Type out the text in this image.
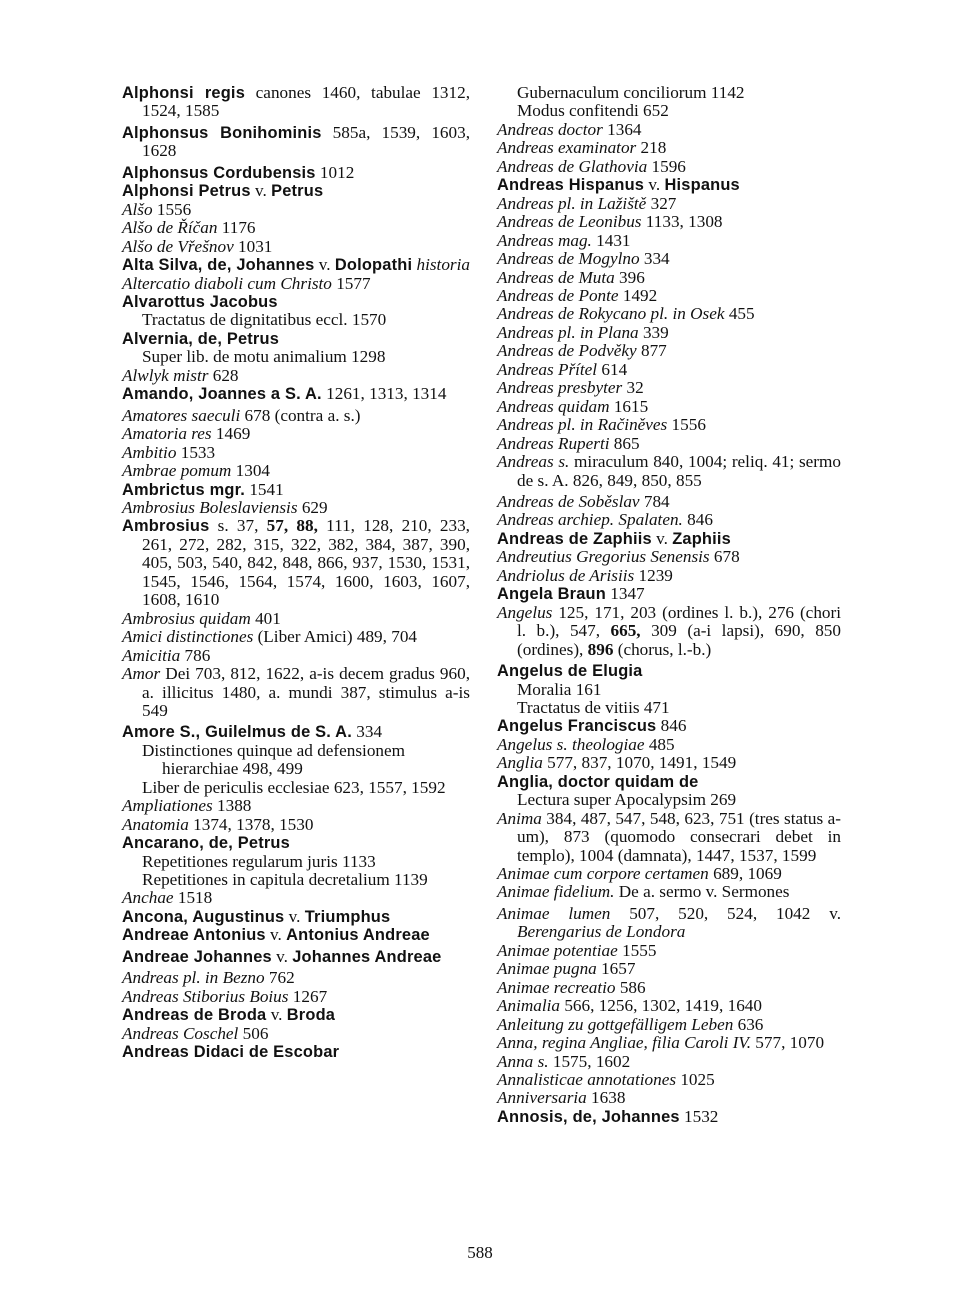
Alphonsi regis canones 1460, tabulae 1312, 1524, 1585

Alphonsus Bonihominis 585a, 1539, 1603, 1628

Alphonsus Cordubensis 1012

Alphonsi Petrus v. Petrus

Alšo 1556

Alšo de Říčan 1176

Alšo de Vřešnov 1031

Alta Silva, de, Johannes v. Dolopathi historia

Altercatio diaboli cum Christo 1577

Alvarottus Jacobus

Tractatus de dignitatibus eccl. 1570

Alvernia, de, Petrus

Super lib. de motu animalium 1298

Alwlyk mistr 628

Amando, Joannes a S. A. 1261, 1313, 1314

Amatores saeculi 678 (contra a. s.)

Amatoria res 1469

Ambitio 1533

Ambrae pomum 1304

Ambrictus mgr. 1541

Ambrosius Boleslaviensis 629

Ambrosius s. 37, 57, 88, 111, 128, 210, 233, 261, 272, 282, 315, 322, 382, 384, 387, 390, 405, 503, 540, 842, 848, 866, 937, 1530, 1531, 1545, 1546, 1564, 1574, 1600, 1603, 1607, 1608, 1610

Ambrosius quidam 401

Amici distinctiones (Liber Amici) 489, 704

Amicitia 786

Amor Dei 703, 812, 1622, a-is decem gradus 960, a. illicitus 1480, a. mundi 387, stimulus a-is 549

Amore S., Guilelmus de S. A. 334

Distinctiones quinque ad defensionem hierarchiae 498, 499

Liber de periculis ecclesiae 623, 1557, 1592

Ampliationes 1388

Anatomia 1374, 1378, 1530

Ancarano, de, Petrus

Repetitiones regularum juris 1133

Repetitiones in capitula decretalium 1139

Anchae 1518

Ancona, Augustinus v. Triumphus

Andreae Antonius v. Antonius Andreae

Andreae Johannes v. Johannes Andreae

Andreas pl. in Bezno 762

Andreas Stiborius Boius 1267

Andreas de Broda v. Broda

Andreas Coschel 506

Andreas Didaci de Escobar

Gubernaculum conciliorum 1142

Modus confitendi 652

Andreas doctor 1364

Andreas examinator 218

Andreas de Glathovia 1596

Andreas Hispanus v. Hispanus

Andreas pl. in Lažiště 327

Andreas de Leonibus 1133, 1308

Andreas mag. 1431

Andreas de Mogylno 334

Andreas de Muta 396

Andreas de Ponte 1492

Andreas de Rokycano pl. in Osek 455

Andreas pl. in Plana 339

Andreas de Podvěky 877

Andreas Přítel 614

Andreas presbyter 32

Andreas quidam 1615

Andreas pl. in Račiněves 1556

Andreas Ruperti 865

Andreas s. miraculum 840, 1004; reliq. 41; sermo de s. A. 826, 849, 850, 855

Andreas de Soběslav 784

Andreas archiep. Spalaten. 846

Andreas de Zaphiis v. Zaphiis

Andreutius Gregorius Senensis 678

Andriolus de Arisiis 1239

Angela Braun 1347

Angelus 125, 171, 203 (ordines l. b.), 276 (chori l. b.), 547, 665, 309 (a-i lapsi), 690, 850 (ordines), 896 (chorus, l.-b.)

Angelus de Elugia

Moralia 161

Tractatus de vitiis 471

Angelus Franciscus 846

Angelus s. theologiae 485

Anglia 577, 837, 1070, 1491, 1549

Anglia, doctor quidam de

Lectura super Apocalypsim 269

Anima 384, 487, 547, 548, 623, 751 (tres status a-um), 873 (quomodo consecrari debet in templo), 1004 (damnata), 1447, 1537, 1599

Animae cum corpore certamen 689, 1069

Animae fidelium. De a. sermo v. Sermones

Animae lumen 507, 520, 524, 1042 v. Berengarius de Londora

Animae potentiae 1555

Animae pugna 1657

Animae recreatio 586

Animalia 566, 1256, 1302, 1419, 1640

Anleitung zu gottgefälligem Leben 636

Anna, regina Angliae, filia Caroli IV. 577, 1070

Anna s. 1575, 1602

Annalisticae annotationes 1025

Anniversaria 1638

Annosis, de, Johannes 1532

588
